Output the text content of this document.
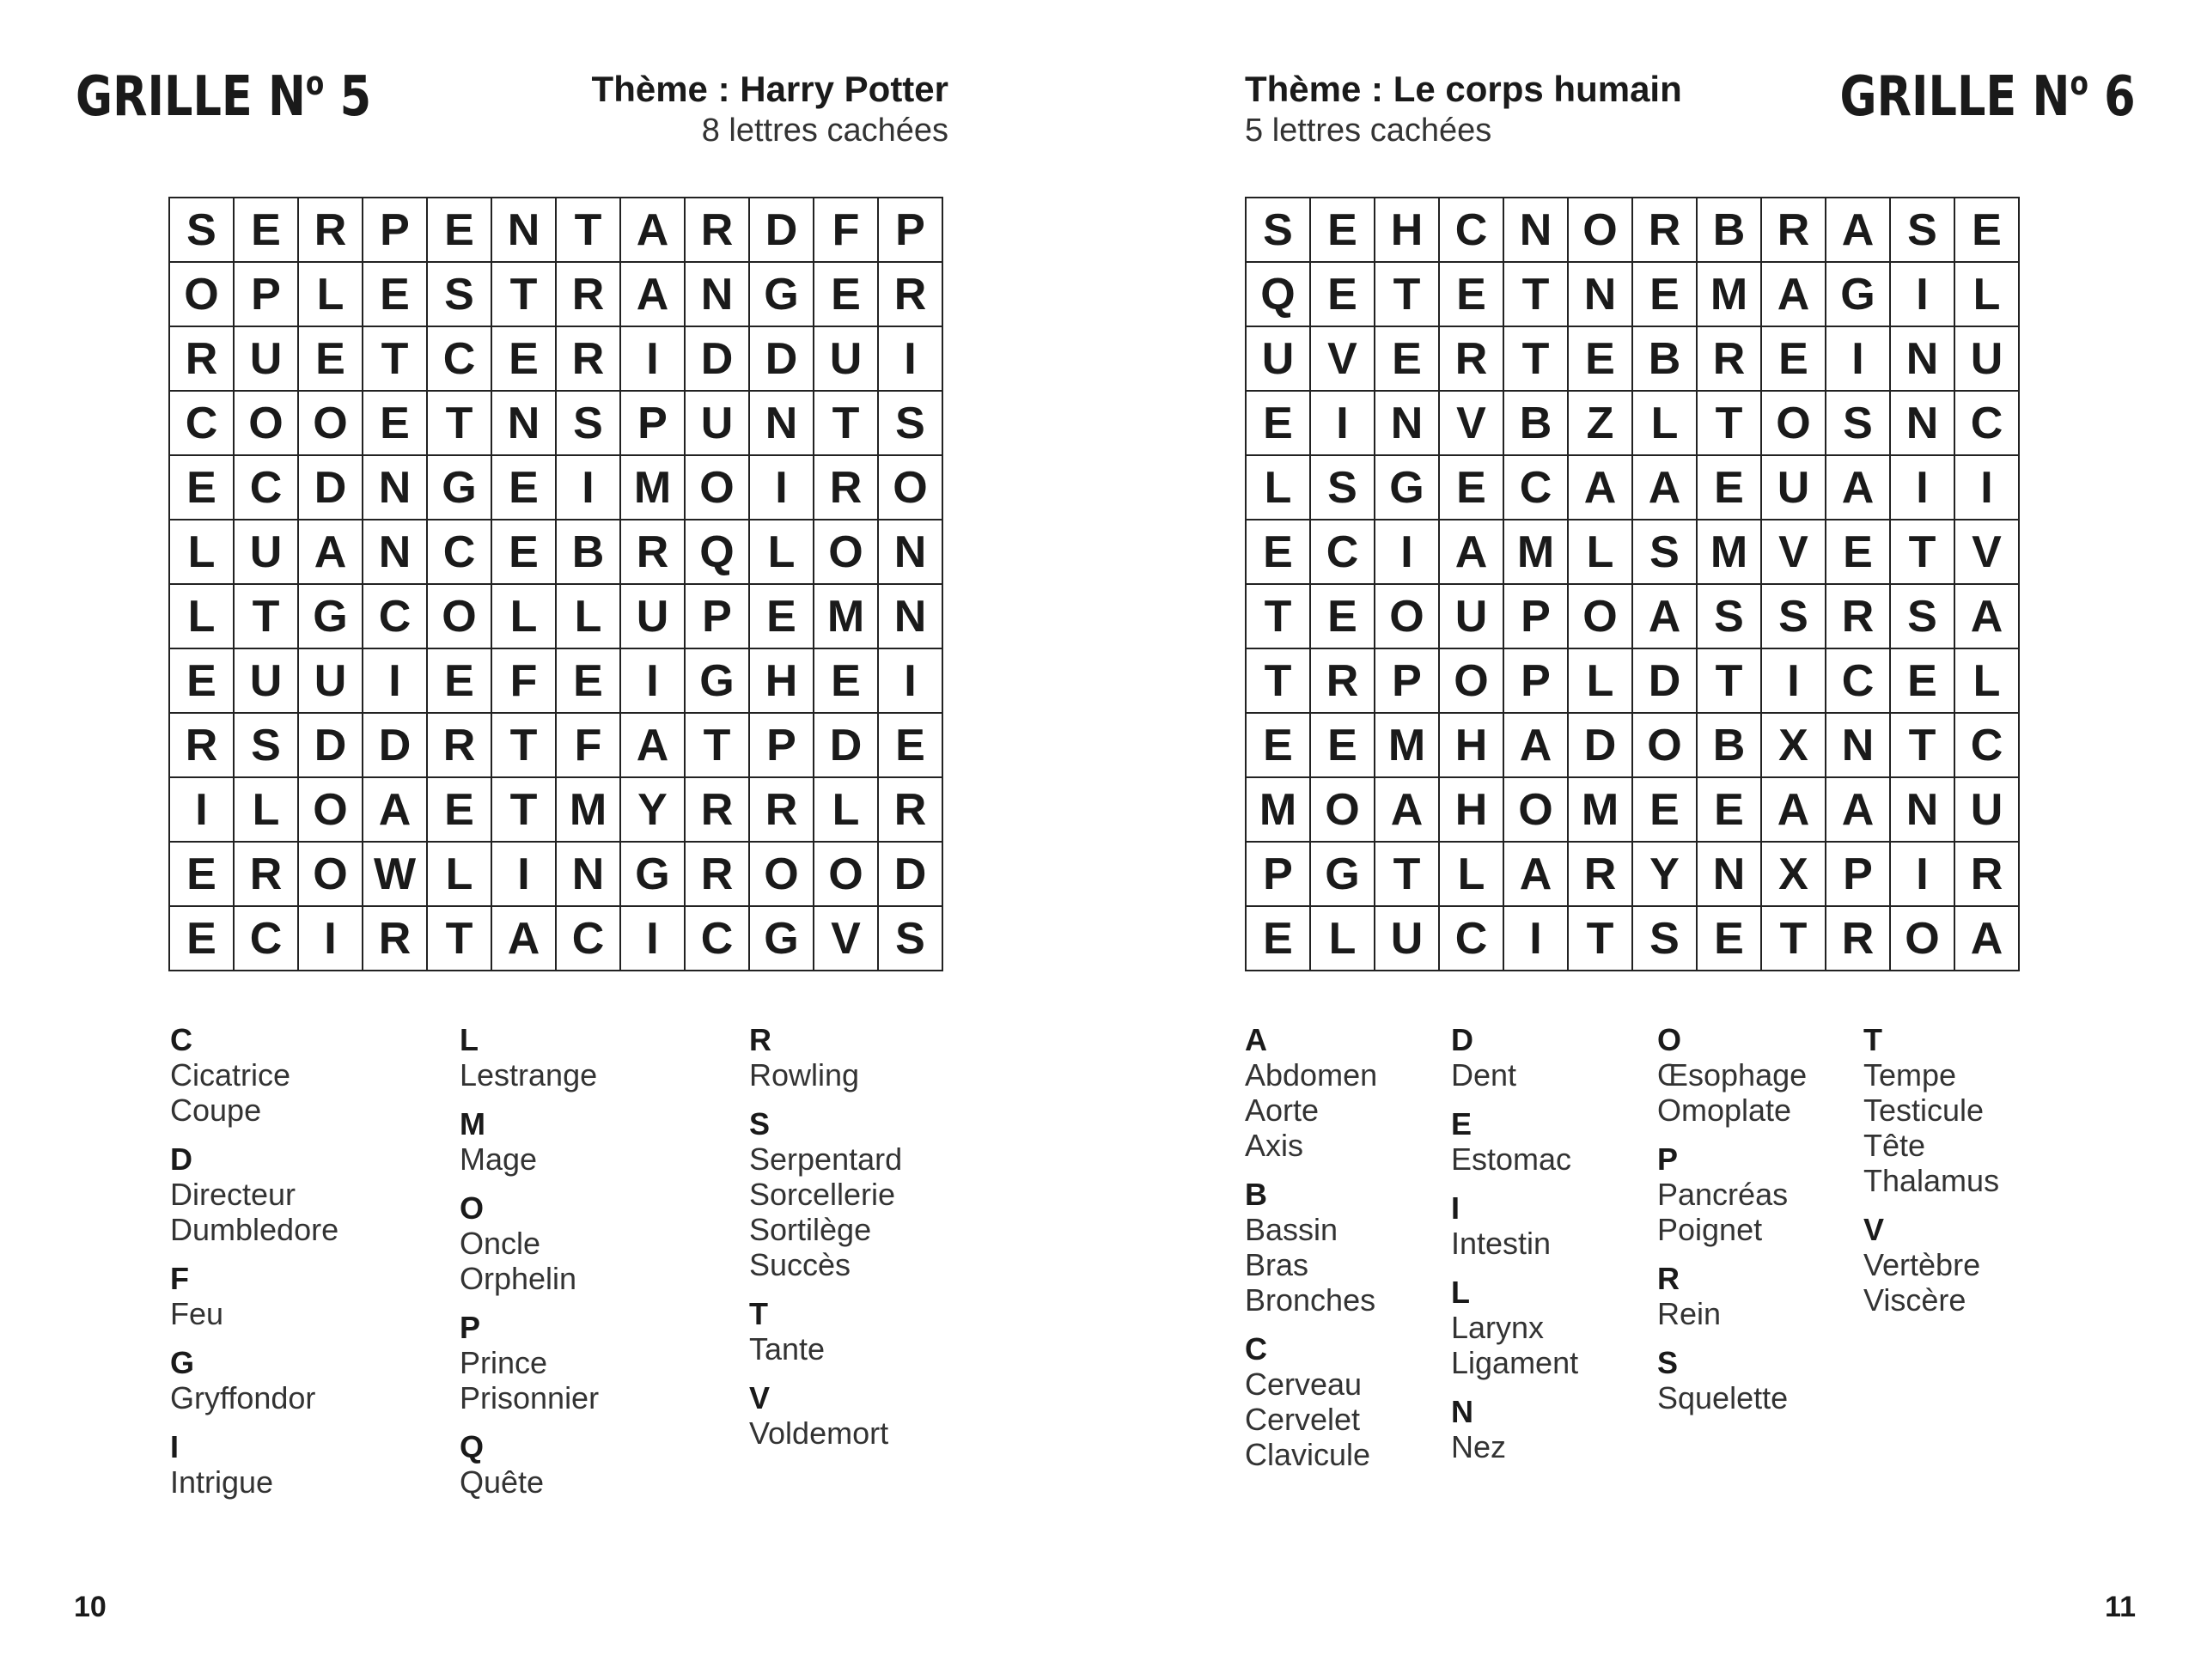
GRILLE $N^o$ 5	Thème : Harry Potter
8 lettres cachées
S E R P E N T A R D F P
O P L E S T R A N G E R
R U E T C E R I D D U I
C O O E T N S P U N T S
E C D N G E I M O I R O
L U A N C E B R Q L O N
L T G C O L L U P E M N
E U U I E F E I G H E I
R S D D R T F A T P D E
I L O A E T M Y R R L R
E R O W L I N G R O O D
E C I R T A C I C G V S
C
Cicatrice
Coupe
D
Directeur
Dumbledore
F
Feu
G
Gryffondor
I
Intrigue
L
Lestrange
M
Mage
O
Oncle
Orphelin
P
Prince
Prisonnier
Q
Quête
R
Rowling
S
Serpentard
Sorcellerie
Sortilège
Succès
T
Tante
V
Voldemort
10
GRILLE $N^o$ 6
Thème : Le corps humain
5 lettres cachées
S E H C N O R B R A S E
Q E T E T N E M A G I L
U V E R T E B R E I N U
E I N V B Z L T O S N C
L S G E C A A E U A I	I
E C I A M L S M V E T V
T E O U P O A S S R S A
T R P O P L D T I C E L
E E M H A D O B X N T C
M O A H O M E E A A N U
P G T L A R Y N X P I R
E L U C I T S E T R O A
A
Abdomen
Aorte
Axis
B
Bassin
Bras
Bronches
C
Cerveau
Cervelet
Clavicule
D
Dent
E
Estomac
I
Intestin
L
Larynx
Ligament
N
Nez
O
Œsophage
Omoplate
P
Pancréas
Poignet
R
Rein
S
Squelette
T
Tempe
Testicule
Tête
Thalamus
V
Vertèbre
Viscère
11
